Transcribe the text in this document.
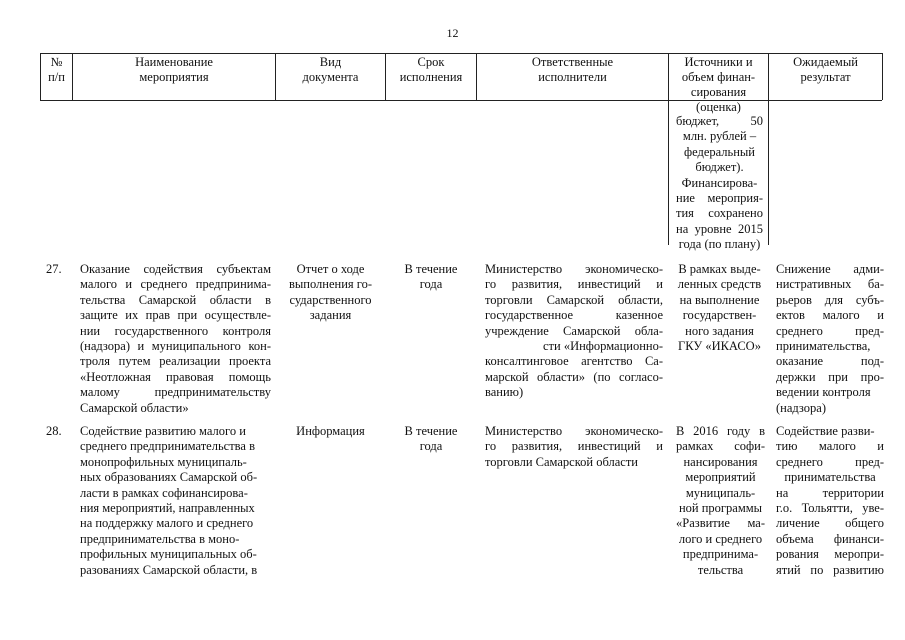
12
№
п/п
Наименование
мероприятия
Вид
документа
Срок
исполнения
Ответственные
исполнители
Источники и
объем финан-
сирования
(оценка)
Ожидаемый
результат
бюджет, 50
млн. рублей –
федеральный
бюджет).
Финансирова-
ние мероприя-
тия сохранено
на уровне 2015
года (по плану)
27. Оказание содействия субъектам
малого и среднего предпринима-
тельства Самарской области в
защите их прав при осуществле-
нии государственного контроля
(надзора) и муниципального кон-
троля путем реализации проекта
«Неотложная правовая помощь
малому предпринимательству
Самарской области»
Отчет о ходе
выполнения го-
сударственного
задания
В течение
года
Министерство экономическо-
го развития, инвестиций и
торговли Самарской области,
государственное казенное
учреждение Самарской обла-
сти «Информационно-
консалтинговое агентство Са-
марской области» (по согласо-
ванию)
В рамках выде-
ленных средств
на выполнение
государствен-
ного задания
ГКУ «ИКАСО»
Снижение адми-
нистративных ба-
рьеров для субъ-
ектов малого и
среднего пред-
принимательства,
оказание под-
держки при про-
ведении контроля
(надзора)
28. Содействие развитию малого и
среднего предпринимательства в
монопрофильных муниципаль-
ных образованиях Самарской об-
ласти в рамках софинансирова-
ния мероприятий, направленных
на поддержку малого и среднего
предпринимательства в моно-
профильных муниципальных об-
разованиях Самарской области, в
Информация	В течение
года
Министерство экономическо-
го развития, инвестиций и
торговли Самарской области
В 2016 году в
рамках софи-
нансирования
мероприятий
муниципаль-
ной программы
«Развитие ма-
лого и среднего
предпринима-
тельства
Содействие разви-
тию малого и
среднего пред-
принимательства
на территории
г.о. Тольятти, уве-
личение общего
объема финанси-
рования меропри-
ятий по развитию
